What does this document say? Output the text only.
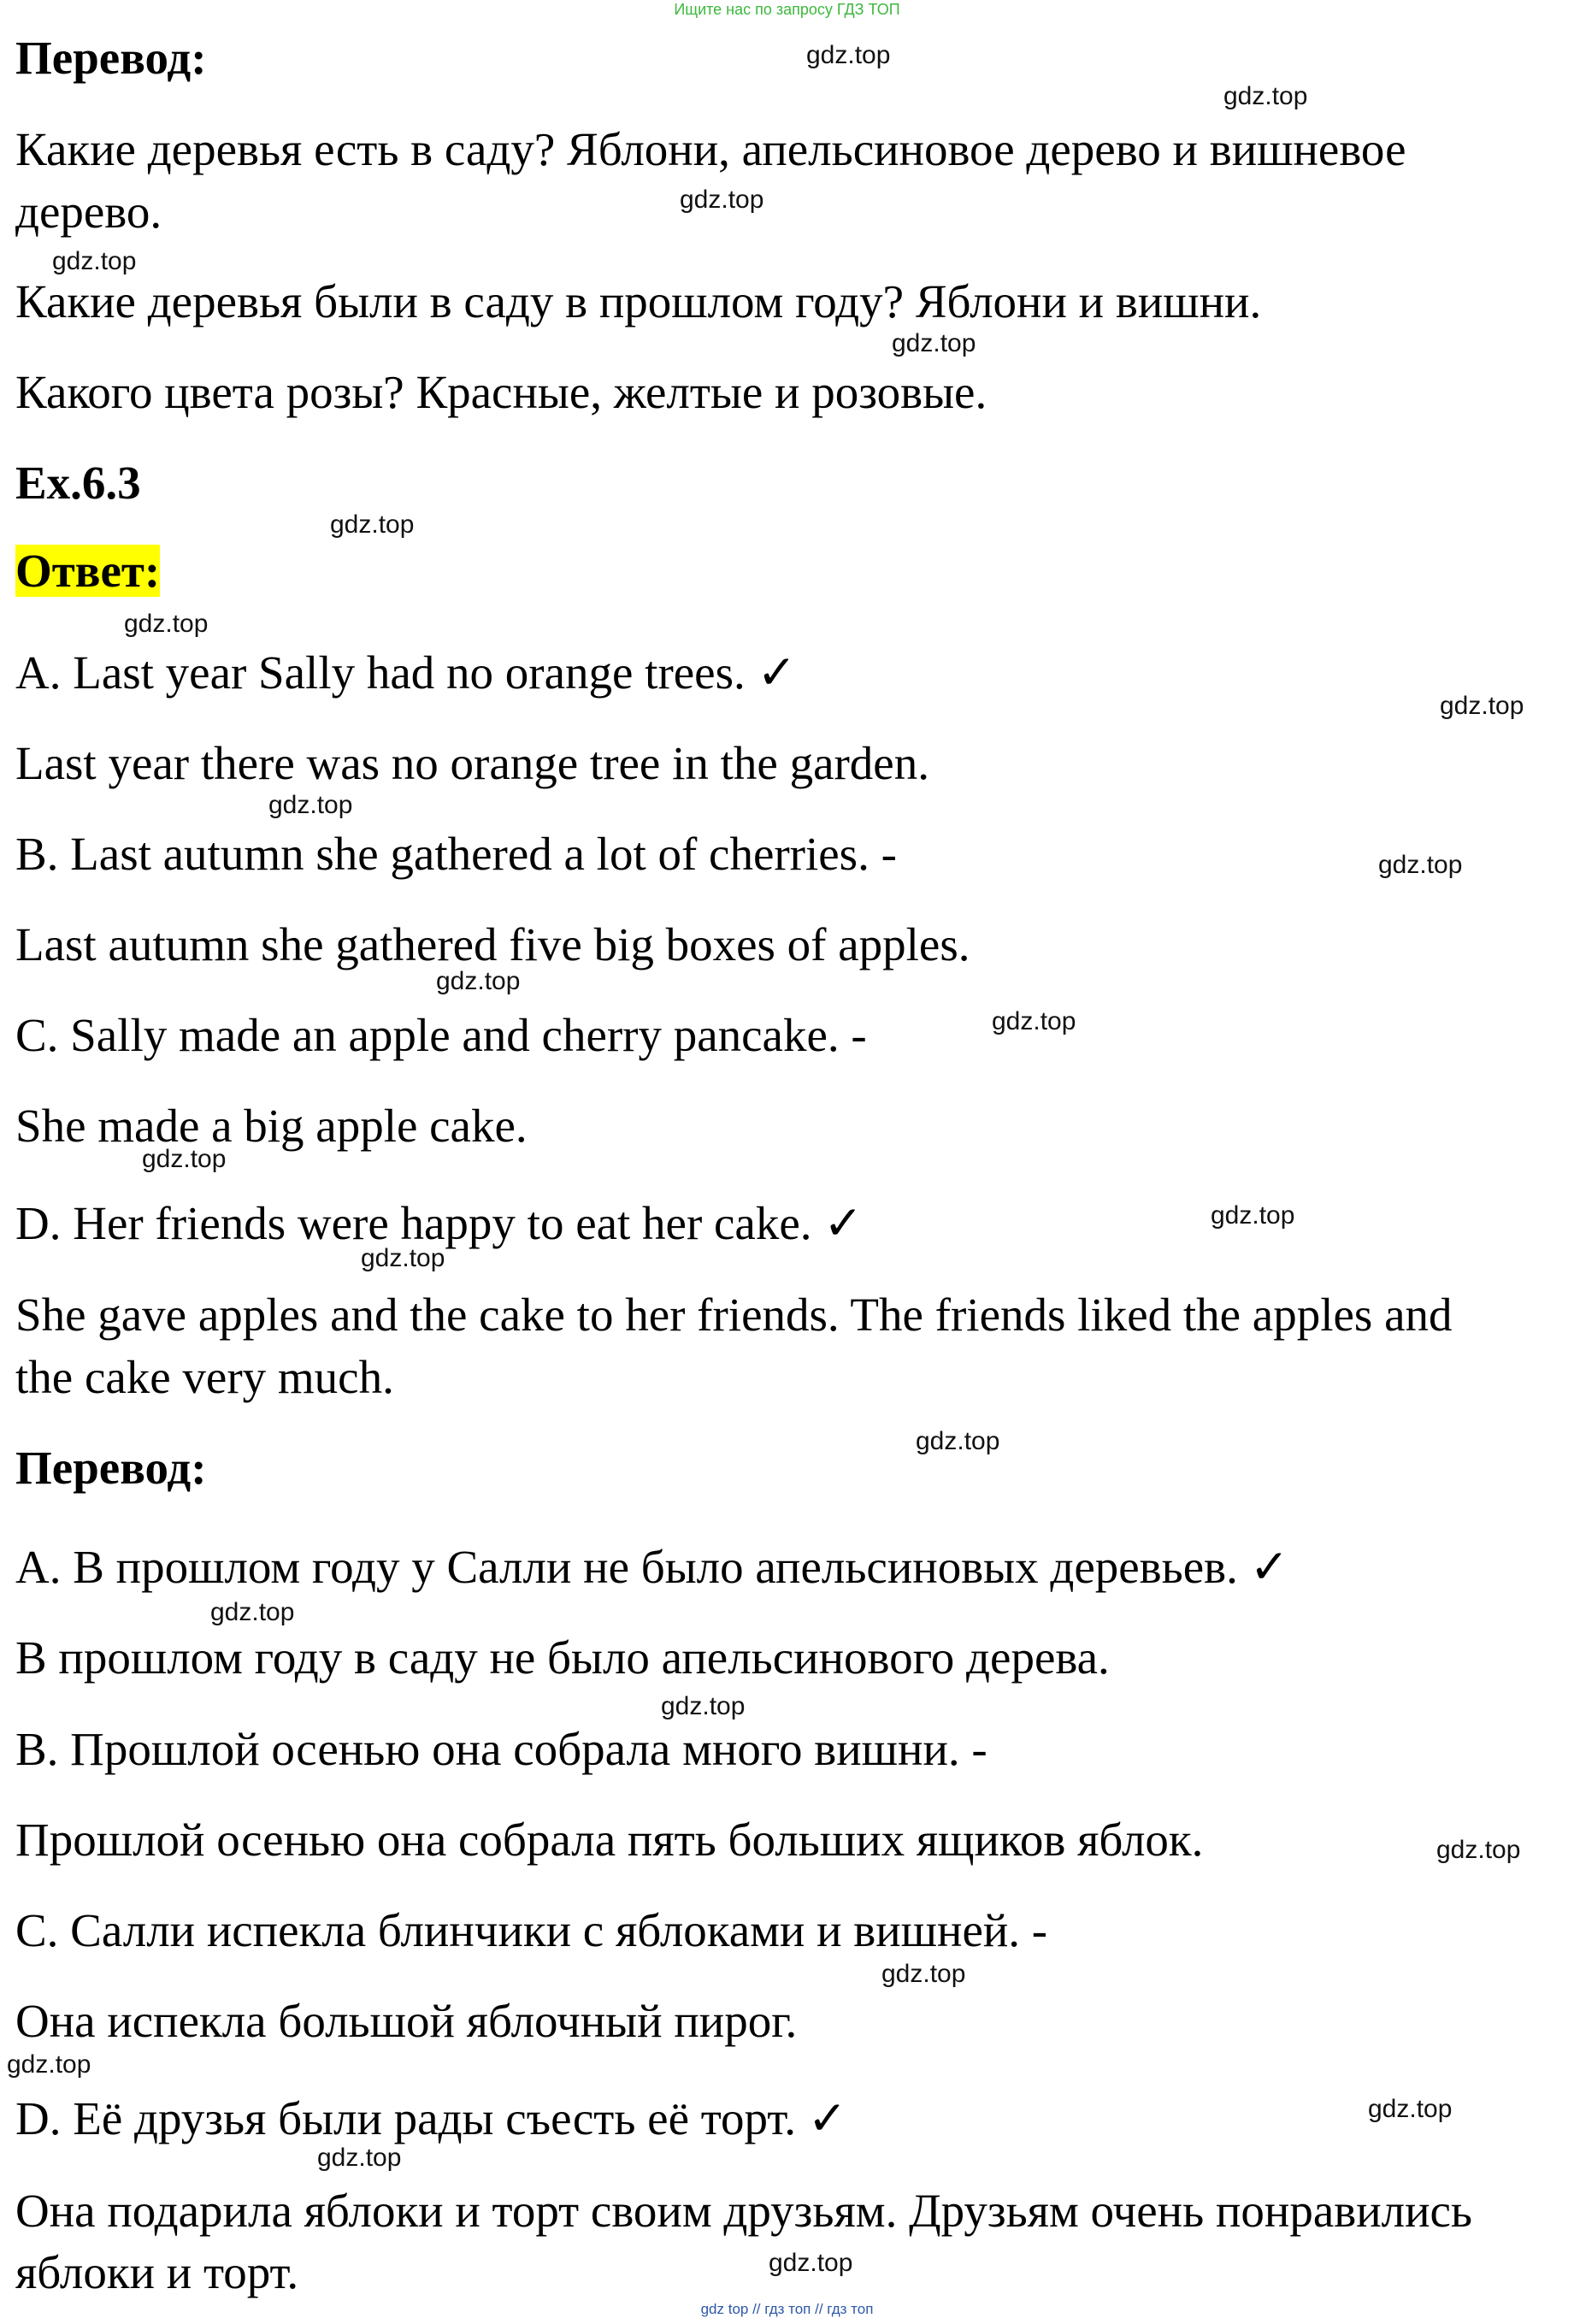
Ищите нас по запросу ГДЗ ТОП
Перевод:
Какие деревья есть в саду? Яблони, апельсиновое дерево и вишневое
дерево.
Какие деревья были в саду в прошлом году? Яблони и вишни.
Какого цвета розы? Красные, желтые и розовые.
Ex.6.3
Ответ:
A. Last year Sally had no orange trees. ✓
Last year there was no orange tree in the garden.
B. Last autumn she gathered a lot of cherries. -
Last autumn she gathered five big boxes of apples.
C. Sally made an apple and cherry pancake. -
She made a big apple cake.
D. Her friends were happy to eat her cake. ✓
She gave apples and the cake to her friends. The friends liked the apples and
the cake very much.
Перевод:
A. В прошлом году у Салли не было апельсиновых деревьев. ✓
В прошлом году в саду не было апельсинового дерева.
B. Прошлой осенью она собрала много вишни. -
Прошлой осенью она собрала пять больших ящиков яблок.
C. Салли испекла блинчики с яблоками и вишней. -
Она испекла большой яблочный пирог.
D. Её друзья были рады съесть её торт. ✓
Она подарила яблоки и торт своим друзьям. Друзьям очень понравились
яблоки и торт.
gdz.top
gdz.top
gdz.top
gdz.top
gdz.top
gdz.top
gdz.top
gdz.top
gdz.top
gdz.top
gdz.top
gdz.top
gdz.top
gdz.top
gdz.top
gdz.top
gdz.top
gdz.top
gdz.top
gdz.top
gdz.top
gdz.top
gdz.top
gdz.top
gdz top // гдз топ // гдз топ
